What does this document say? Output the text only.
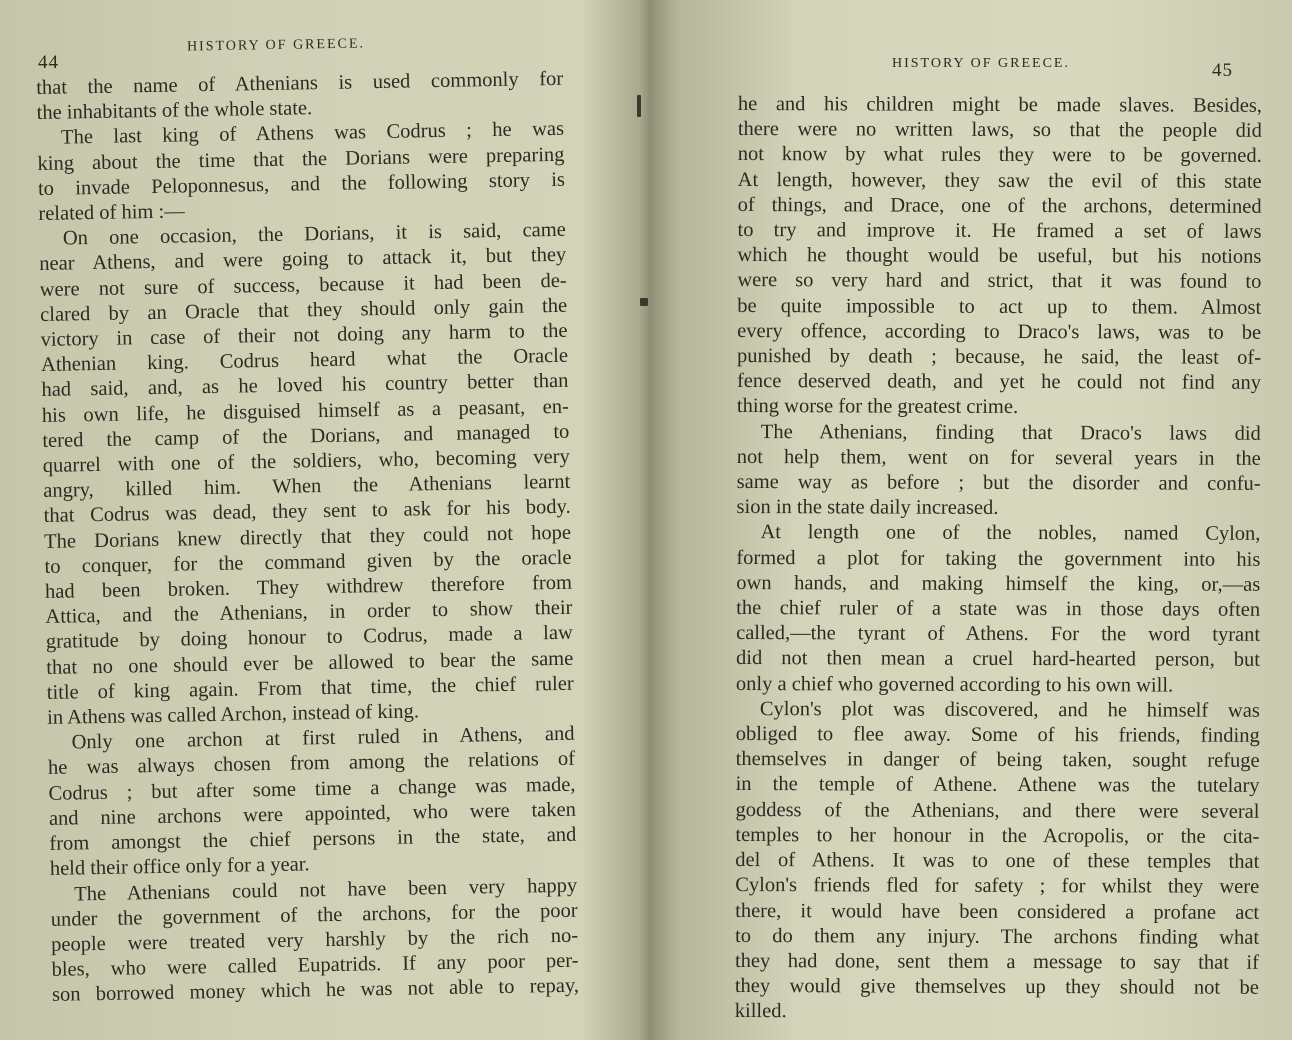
44
HISTORY OF GREECE.
that the name of Athenians is used commonly for
the inhabitants of the whole state.
The last king of Athens was Codrus ; he was
king about the time that the Dorians were preparing
to invade Peloponnesus, and the following story is
related of him :—
On one occasion, the Dorians, it is said, came
near Athens, and were going to attack it, but they
were not sure of success, because it had been de-
clared by an Oracle that they should only gain the
victory in case of their not doing any harm to the
Athenian king. Codrus heard what the Oracle
had said, and, as he loved his country better than
his own life, he disguised himself as a peasant, en-
tered the camp of the Dorians, and managed to
quarrel with one of the soldiers, who, becoming very
angry, killed him. When the Athenians learnt
that Codrus was dead, they sent to ask for his body.
The Dorians knew directly that they could not hope
to conquer, for the command given by the oracle
had been broken. They withdrew therefore from
Attica, and the Athenians, in order to show their
gratitude by doing honour to Codrus, made a law
that no one should ever be allowed to bear the same
title of king again. From that time, the chief ruler
in Athens was called Archon, instead of king.
Only one archon at first ruled in Athens, and
he was always chosen from among the relations of
Codrus ; but after some time a change was made,
and nine archons were appointed, who were taken
from amongst the chief persons in the state, and
held their office only for a year.
The Athenians could not have been very happy
under the government of the archons, for the poor
people were treated very harshly by the rich no-
bles, who were called Eupatrids. If any poor per-
son borrowed money which he was not able to repay,
HISTORY OF GREECE.	45
he and his children might be made slaves. Besides,
there were no written laws, so that the people did
not know by what rules they were to be governed.
At length, however, they saw the evil of this state
of things, and Drace, one of the archons, determined
to try and improve it. He framed a set of laws
which he thought would be useful, but his notions
were so very hard and strict, that it was found to
be quite impossible to act up to them. Almost
every offence, according to Draco's laws, was to be
punished by death ; because, he said, the least of-
fence deserved death, and yet he could not find any
thing worse for the greatest crime.
The Athenians, finding that Draco's laws did
not help them, went on for several years in the
same way as before ; but the disorder and confu-
sion in the state daily increased.
At length one of the nobles, named Cylon,
formed a plot for taking the government into his
own hands, and making himself the king, or,—as
the chief ruler of a state was in those days often
called,—the tyrant of Athens. For the word tyrant
did not then mean a cruel hard-hearted person, but
only a chief who governed according to his own will.
Cylon's plot was discovered, and he himself was
obliged to flee away. Some of his friends, finding
themselves in danger of being taken, sought refuge
in the temple of Athene. Athene was the tutelary
goddess of the Athenians, and there were several
temples to her honour in the Acropolis, or the cita-
del of Athens. It was to one of these temples that
Cylon's friends fled for safety ; for whilst they were
there, it would have been considered a profane act
to do them any injury. The archons finding what
they had done, sent them a message to say that if
they would give themselves up they should not be
killed.
